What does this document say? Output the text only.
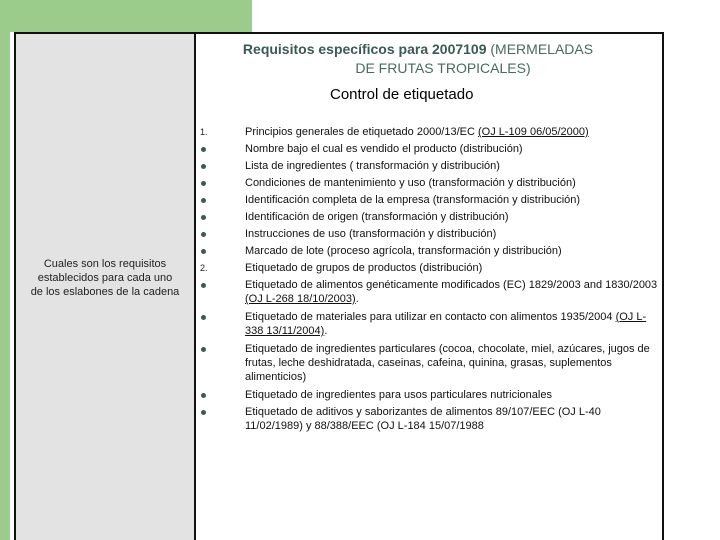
Cuales son los requisitos
establecidos para cada uno
de los eslabones de la cadena
Requisitos específicos para 2007109 (MERMELADAS
DE FRUTAS TROPICALES)
Control de etiquetado
1.	Principios generales de etiquetado 2000/13/EC (OJ L-109 06/05/2000)
Nombre bajo el cual es vendido el producto (distribución)
Lista de ingredientes ( transformación y distribución)
Condiciones de mantenimiento y uso (transformación y distribución)
Identificación completa de la empresa (transformación y distribución)
Identificación de origen (transformación y distribución)
Instrucciones de uso (transformación y distribución)
Marcado de lote (proceso agrícola, transformación y distribución)
2.	Etiquetado de grupos de productos (distribución)
Etiquetado de alimentos genéticamente modificados (EC) 1829/2003 and 1830/2003 (OJ L-268 18/10/2003).
Etiquetado de materiales para utilizar en contacto con alimentos 1935/2004 (OJ L-338 13/11/2004).
Etiquetado de ingredientes particulares (cocoa, chocolate, miel, azúcares, jugos de frutas, leche deshidratada, caseinas, cafeina, quinina, grasas, suplementos alimenticios)
Etiquetado de ingredientes para usos particulares nutricionales
Etiquetado de aditivos y saborizantes de alimentos 89/107/EEC (OJ L-40 11/02/1989) y 88/388/EEC (OJ L-184 15/07/1988
